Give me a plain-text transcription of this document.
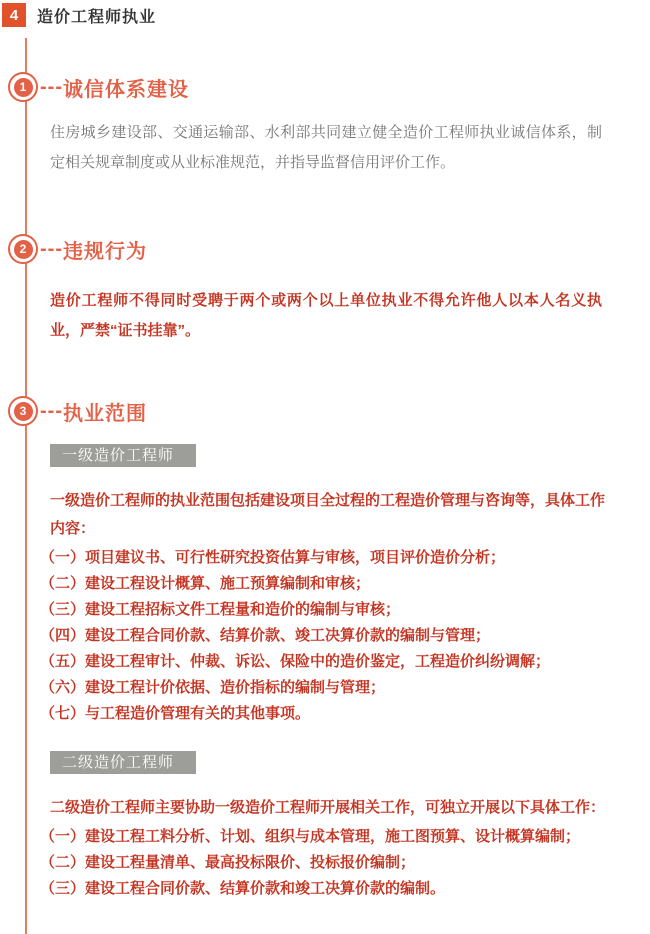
4	造价工程师执业
1 --- 诚信体系建设
住房城乡建设部、交通运输部、水利部共同建立健全造价工程师执业诚信体系，制定相关规章制度或从业标准规范，并指导监督信用评价工作。
2 --- 违规行为
造价工程师不得同时受聘于两个或两个以上单位执业不得允许他人以本人名义执业，严禁“证书挂靠”。
3 --- 执业范围
一级造价工程师
一级造价工程师的执业范围包括建设项目全过程的工程造价管理与咨询等，具体工作内容：
（一）项目建议书、可行性研究投资估算与审核，项目评价造价分析；
（二）建设工程设计概算、施工预算编制和审核；
（三）建设工程招标文件工程量和造价的编制与审核；
（四）建设工程合同价款、结算价款、竣工决算价款的编制与管理；
（五）建设工程审计、仲裁、诉讼、保险中的造价鉴定，工程造价纠纷调解；
（六）建设工程计价依据、造价指标的编制与管理；
（七）与工程造价管理有关的其他事项。
二级造价工程师
二级造价工程师主要协助一级造价工程师开展相关工作，可独立开展以下具体工作：
（一）建设工程工料分析、计划、组织与成本管理，施工图预算、设计概算编制；
（二）建设工程量清单、最高投标限价、投标报价编制；
（三）建设工程合同价款、结算价款和竣工决算价款的编制。
